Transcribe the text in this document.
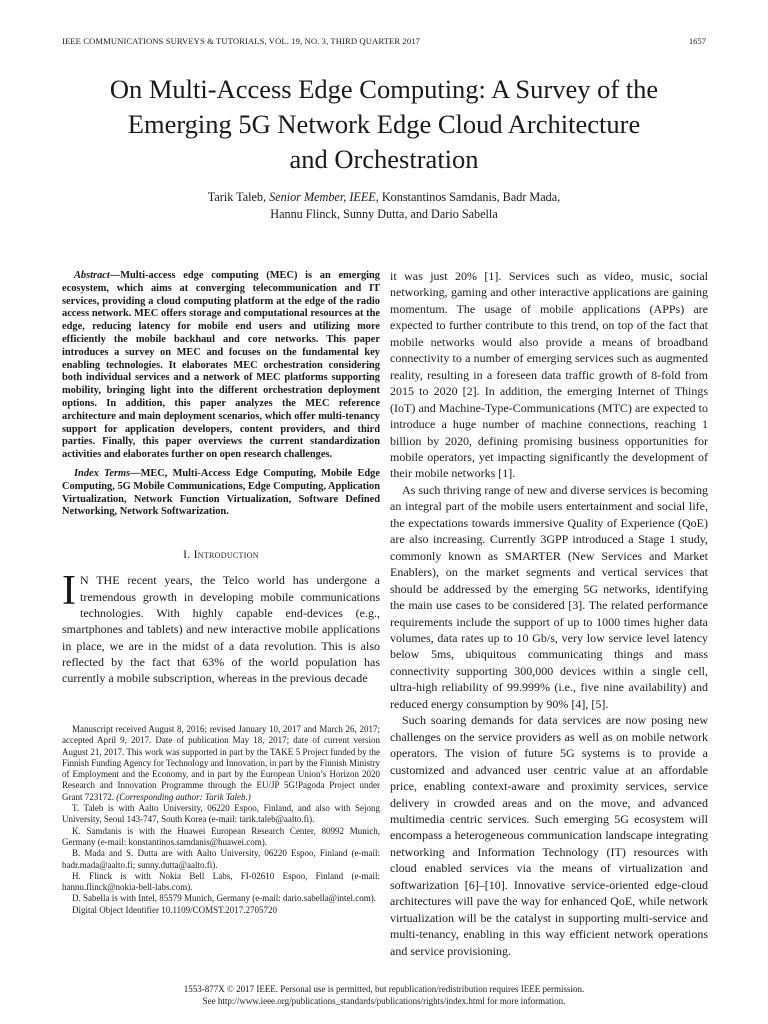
IEEE COMMUNICATIONS SURVEYS & TUTORIALS, VOL. 19, NO. 3, THIRD QUARTER 2017	1657
On Multi-Access Edge Computing: A Survey of the
Emerging 5G Network Edge Cloud Architecture
and Orchestration
Tarik Taleb, Senior Member, IEEE, Konstantinos Samdanis, Badr Mada,
Hannu Flinck, Sunny Dutta, and Dario Sabella

Abstract—Multi-access edge computing (MEC) is an emerging ecosystem, which aims at converging telecommunication and IT services, providing a cloud computing platform at the edge of the radio access network. MEC offers storage and computational resources at the edge, reducing latency for mobile end users and utilizing more efficiently the mobile backhaul and core networks. This paper introduces a survey on MEC and focuses on the fundamental key enabling technologies. It elaborates MEC orchestration considering both individual services and a network of MEC platforms supporting mobility, bringing light into the different orchestration deployment options. In addition, this paper analyzes the MEC reference architecture and main deployment scenarios, which offer multi-tenancy support for application developers, content providers, and third parties. Finally, this paper overviews the current standardization activities and elaborates further on open research challenges.

Index Terms—MEC, Multi-Access Edge Computing, Mobile Edge Computing, 5G Mobile Communications, Edge Computing, Application Virtualization, Network Function Virtualization, Software Defined Networking, Network Softwarization.

I. Introduction

I N THE recent years, the Telco world has undergone a tremendous growth in developing mobile communications technologies. With highly capable end-devices (e.g., smartphones and tablets) and new interactive mobile applications in place, we are in the midst of a data revolution. This is also reflected by the fact that 63% of the world population has currently a mobile subscription, whereas in the previous decade

Manuscript received August 8, 2016; revised January 10, 2017 and March 26, 2017; accepted April 9, 2017. Date of publication May 18, 2017; date of current version August 21, 2017. This work was supported in part by the TAKE 5 Project funded by the Finnish Funding Agency for Technology and Innovation, in part by the Finnish Ministry of Employment and the Economy, and in part by the European Union’s Horizon 2020 Research and Innovation Programme through the EU/JP 5G!Pagoda Project under Grant 723172. (Corresponding author: Tarik Taleb.)

T. Taleb is with Aalto University, 06220 Espoo, Finland, and also with Sejong University, Seoul 143-747, South Korea (e-mail: tarik.taleb@aalto.fi).

K. Samdanis is with the Huawei European Research Center, 80992 Munich, Germany (e-mail: konstantinos.samdanis@huawei.com).

B. Mada and S. Dutta are with Aalto University, 06220 Espoo, Finland (e-mail: badr.mada@aalto.fi; sunny.dutta@aalto.fi).

H. Flinck is with Nokia Bell Labs, FI-02610 Espoo, Finland (e-mail: hannu.flinck@nokia-bell-labs.com).

D. Sabella is with Intel, 85579 Munich, Germany (e-mail: dario.sabella@intel.com).

Digital Object Identifier 10.1109/COMST.2017.2705720

it was just 20% [1]. Services such as video, music, social networking, gaming and other interactive applications are gaining momentum. The usage of mobile applications (APPs) are expected to further contribute to this trend, on top of the fact that mobile networks would also provide a means of broadband connectivity to a number of emerging services such as augmented reality, resulting in a foreseen data traffic growth of 8-fold from 2015 to 2020 [2]. In addition, the emerging Internet of Things (IoT) and Machine-Type-Communications (MTC) are expected to introduce a huge number of machine connections, reaching 1 billion by 2020, defining promising business opportunities for mobile operators, yet impacting significantly the development of their mobile networks [1].

As such thriving range of new and diverse services is becoming an integral part of the mobile users entertainment and social life, the expectations towards immersive Quality of Experience (QoE) are also increasing. Currently 3GPP introduced a Stage 1 study, commonly known as SMARTER (New Services and Market Enablers), on the market segments and vertical services that should be addressed by the emerging 5G networks, identifying the main use cases to be considered [3]. The related performance requirements include the support of up to 1000 times higher data volumes, data rates up to 10 Gb/s, very low service level latency below 5ms, ubiquitous communicating things and mass connectivity supporting 300,000 devices within a single cell, ultra-high reliability of 99.999% (i.e., five nine availability) and reduced energy consumption by 90% [4], [5].

Such soaring demands for data services are now posing new challenges on the service providers as well as on mobile network operators. The vision of future 5G systems is to provide a customized and advanced user centric value at an affordable price, enabling context-aware and proximity services, service delivery in crowded areas and on the move, and advanced multimedia centric services. Such emerging 5G ecosystem will encompass a heterogeneous communication landscape integrating networking and Information Technology (IT) resources with cloud enabled services via the means of virtualization and softwarization [6]–[10]. Innovative service-oriented edge-cloud architectures will pave the way for enhanced QoE, while network virtualization will be the catalyst in supporting multi-service and multi-tenancy, enabling in this way efficient network operations and service provisioning.

1553-877X © 2017 IEEE. Personal use is permitted, but republication/redistribution requires IEEE permission.
See http://www.ieee.org/publications_standards/publications/rights/index.html for more information.
